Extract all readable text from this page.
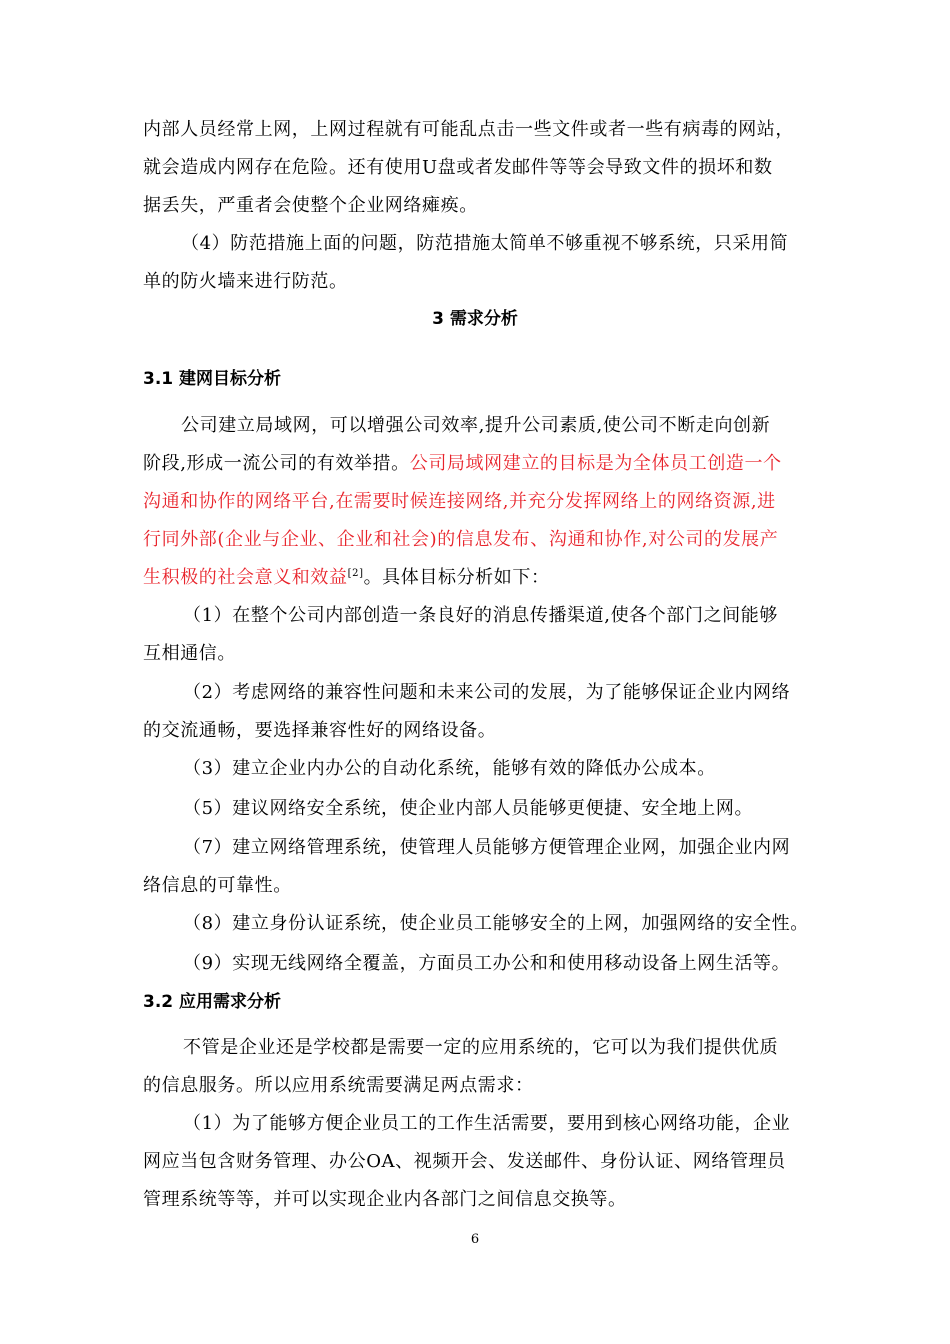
内部人员经常上网，上网过程就有可能乱点击一些文件或者一些有病毒的网站，
就会造成内网存在危险。还有使用U盘或者发邮件等等会导致文件的损坏和数
据丢失，严重者会使整个企业网络瘫痪。
（4）防范措施上面的问题，防范措施太简单不够重视不够系统，只采用简
单的防火墙来进行防范。
3 需求分析
3.1 建网目标分析
公司建立局域网，可以增强公司效率,提升公司素质,使公司不断走向创新
阶段,形成一流公司的有效举措。公司局域网建立的目标是为全体员工创造一个
沟通和协作的网络平台,在需要时候连接网络,并充分发挥网络上的网络资源,进
行同外部(企业与企业、企业和社会)的信息发布、沟通和协作,对公司的发展产
生积极的社会意义和效益[2]。具体目标分析如下：
（1）在整个公司内部创造一条良好的消息传播渠道,使各个部门之间能够
互相通信。
（2）考虑网络的兼容性问题和未来公司的发展，为了能够保证企业内网络
的交流通畅，要选择兼容性好的网络设备。
（3）建立企业内办公的自动化系统，能够有效的降低办公成本。
（5）建议网络安全系统，使企业内部人员能够更便捷、安全地上网。
（7）建立网络管理系统，使管理人员能够方便管理企业网，加强企业内网
络信息的可靠性。
（8）建立身份认证系统，使企业员工能够安全的上网，加强网络的安全性。
（9）实现无线网络全覆盖，方面员工办公和和使用移动设备上网生活等。
3.2 应用需求分析
不管是企业还是学校都是需要一定的应用系统的，它可以为我们提供优质
的信息服务。所以应用系统需要满足两点需求：
（1）为了能够方便企业员工的工作生活需要，要用到核心网络功能，企业
网应当包含财务管理、办公OA、视频开会、发送邮件、身份认证、网络管理员
管理系统等等，并可以实现企业内各部门之间信息交换等。
6
